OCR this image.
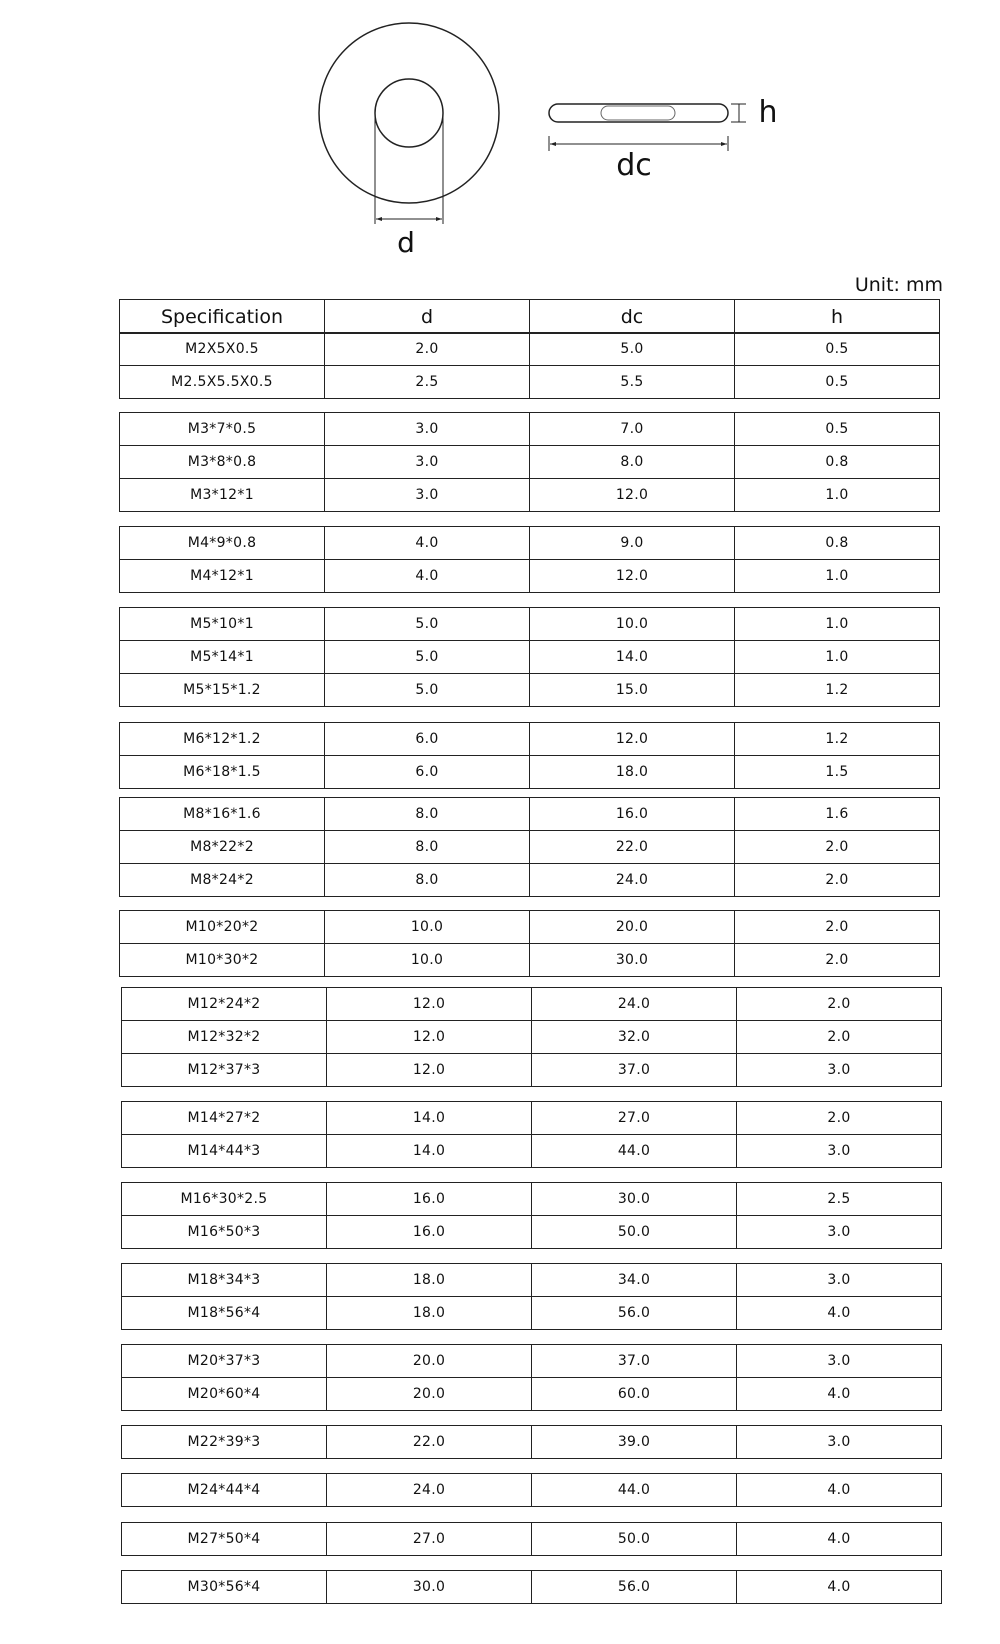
d
h
dc
Unit: mm
Specification	d	dc	h
M2X5X0.5	2.0	5.0	0.5
M2.5X5.5X0.5	2.5	5.5	0.5
M3*7*0.5	3.0	7.0	0.5
M3*8*0.8	3.0	8.0	0.8
M3*12*1	3.0	12.0	1.0
M4*9*0.8	4.0	9.0	0.8
M4*12*1	4.0	12.0	1.0
M5*10*1	5.0	10.0	1.0
M5*14*1	5.0	14.0	1.0
M5*15*1.2	5.0	15.0	1.2
M6*12*1.2	6.0	12.0	1.2
M6*18*1.5	6.0	18.0	1.5
M8*16*1.6	8.0	16.0	1.6
M8*22*2	8.0	22.0	2.0
M8*24*2	8.0	24.0	2.0
M10*20*2	10.0	20.0	2.0
M10*30*2	10.0	30.0	2.0
M12*24*2	12.0	24.0	2.0
M12*32*2	12.0	32.0	2.0
M12*37*3	12.0	37.0	3.0
M14*27*2	14.0	27.0	2.0
M14*44*3	14.0	44.0	3.0
M16*30*2.5	16.0	30.0	2.5
M16*50*3	16.0	50.0	3.0
M18*34*3	18.0	34.0	3.0
M18*56*4	18.0	56.0	4.0
M20*37*3	20.0	37.0	3.0
M20*60*4	20.0	60.0	4.0
M22*39*3	22.0	39.0	3.0
M24*44*4	24.0	44.0	4.0
M27*50*4	27.0	50.0	4.0
M30*56*4	30.0	56.0	4.0
